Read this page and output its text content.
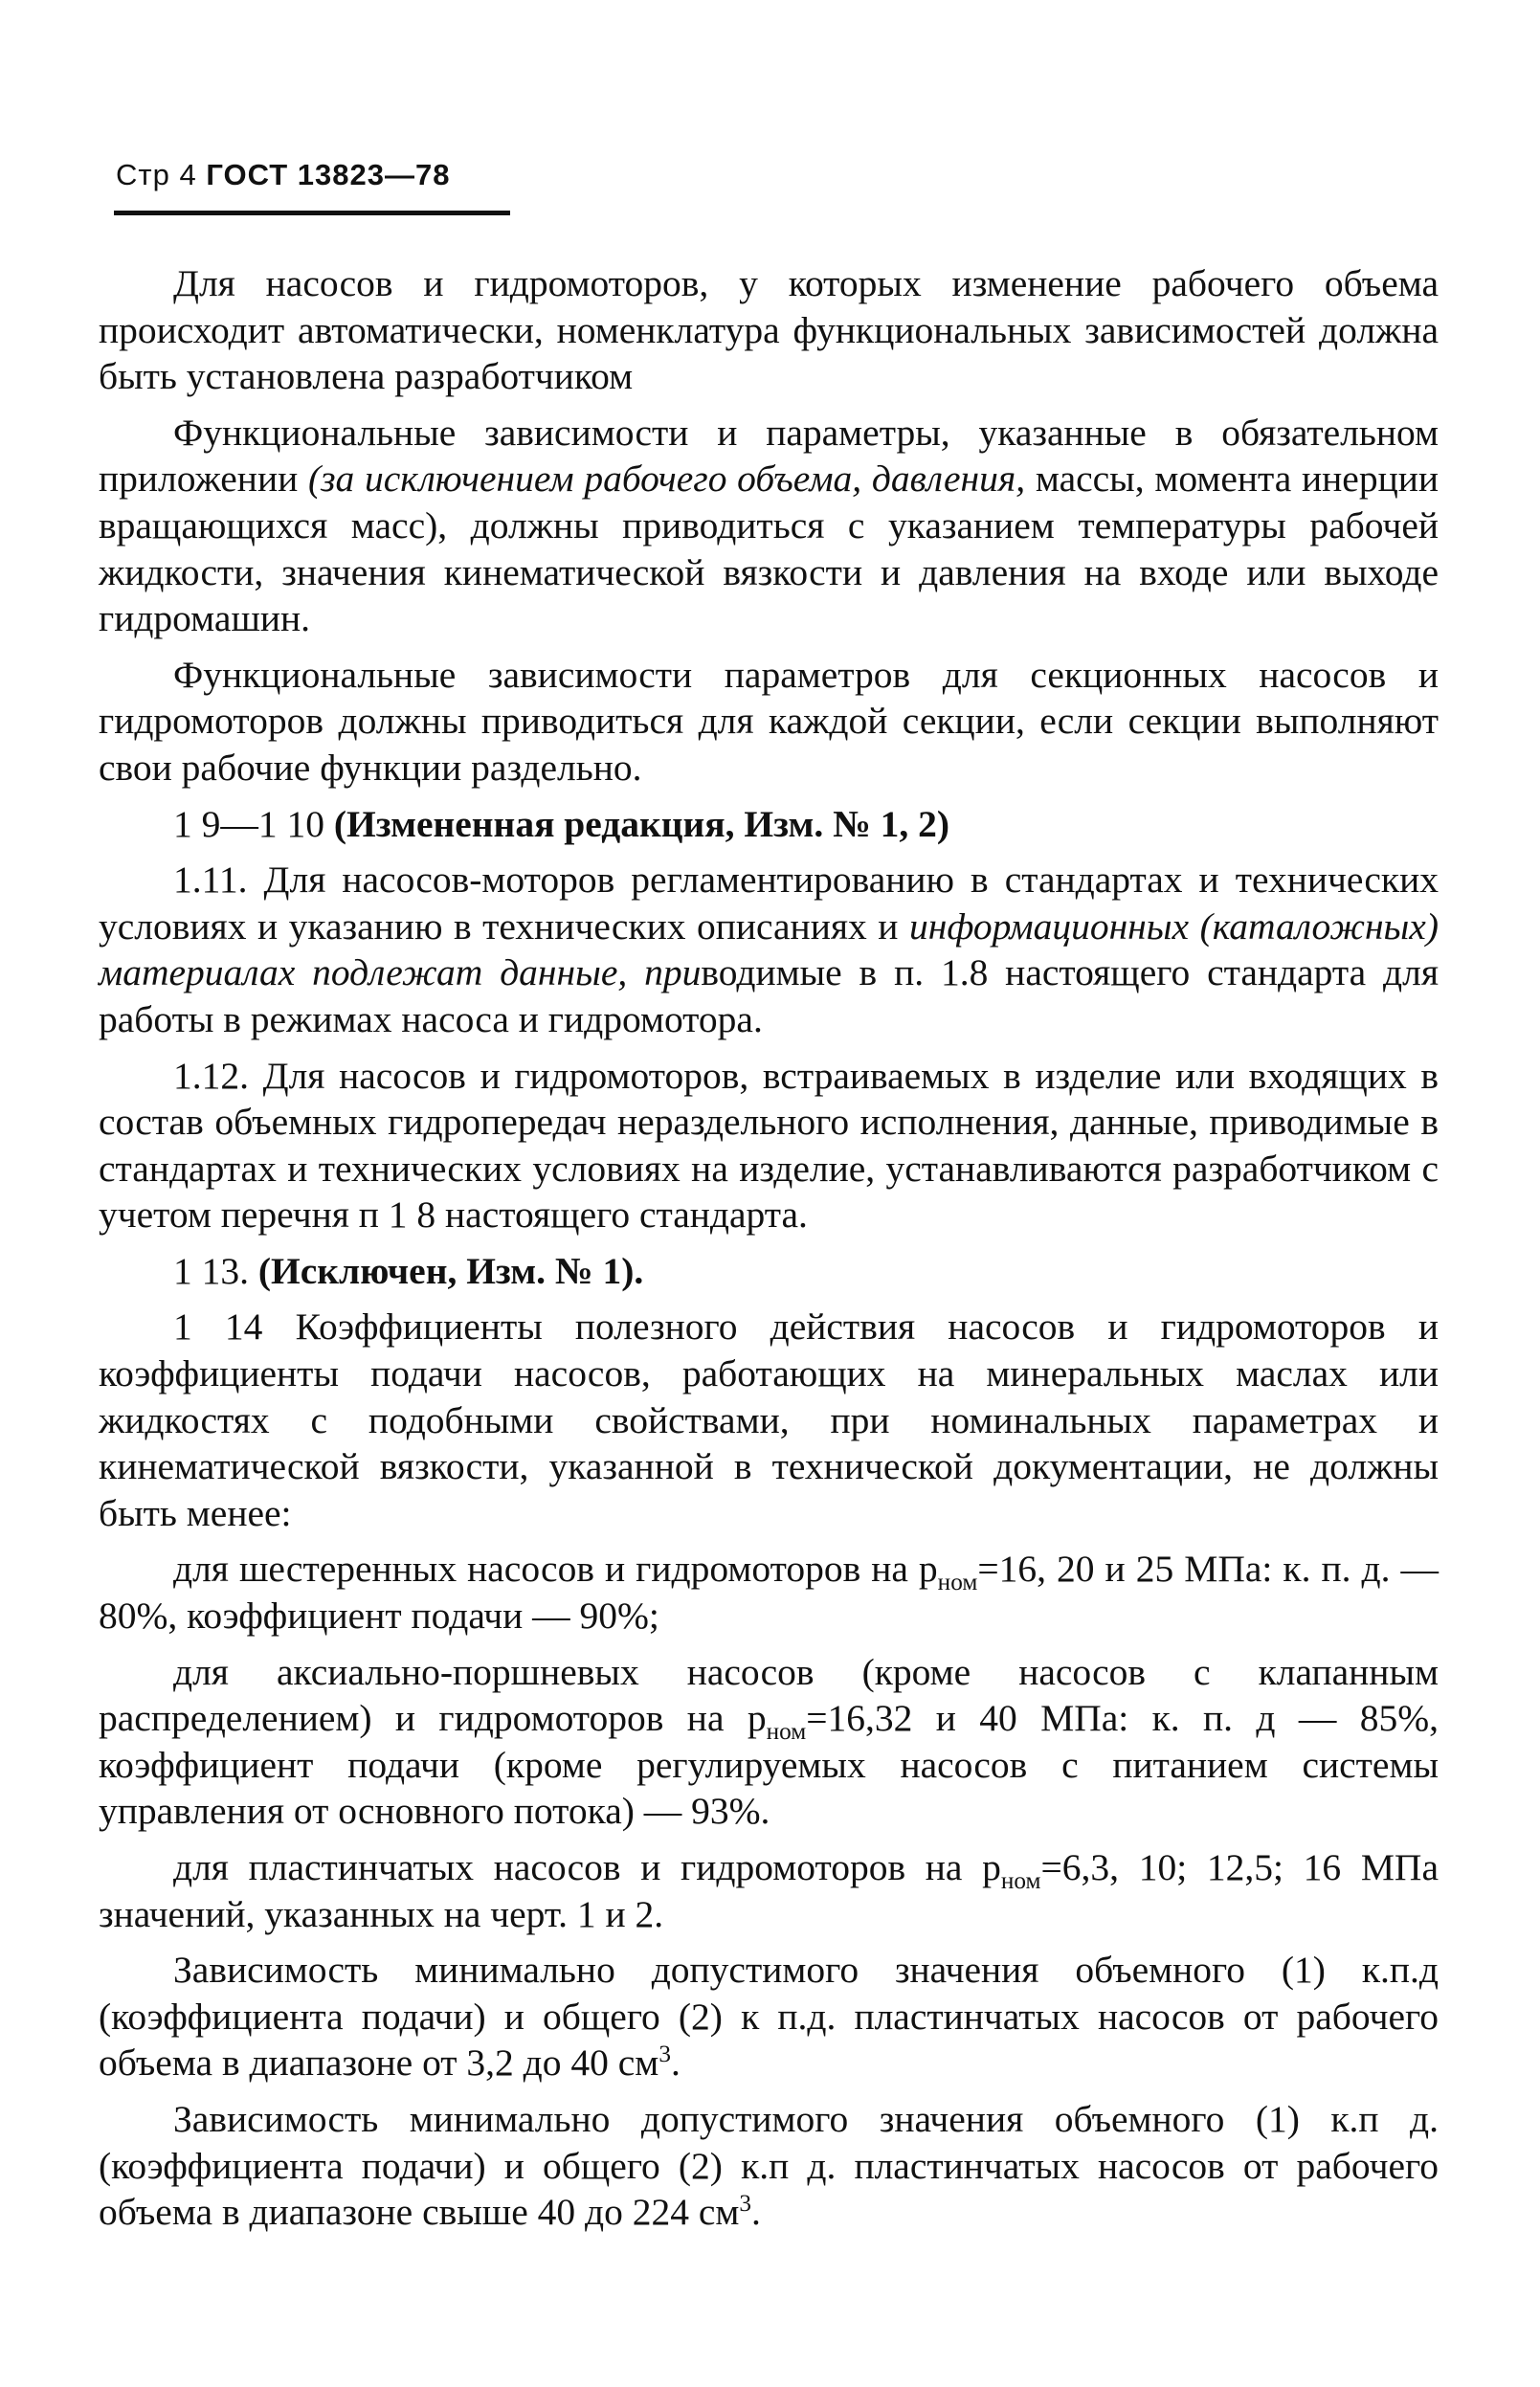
Стр 4 ГОСТ 13823—78

Для насосов и гидромоторов, у которых изменение рабочего объема происходит автоматически, номенклатура функциональных зависимостей должна быть установлена разработчиком

Функциональные зависимости и параметры, указанные в обязательном приложении (за исключением рабочего объема, давления, массы, момента инерции вращающихся масс), должны приводиться с указанием температуры рабочей жидкости, значения кинематической вязкости и давления на входе или выходе гидромашин.

Функциональные зависимости параметров для секционных насосов и гидромоторов должны приводиться для каждой секции, если секции выполняют свои рабочие функции раздельно.

1 9—1 10 (Измененная редакция, Изм. № 1, 2)

1.11. Для насосов-моторов регламентированию в стандартах и технических условиях и указанию в технических описаниях и информационных (каталожных) материалах подлежат данные, приводимые в п. 1.8 настоящего стандарта для работы в режимах насоса и гидромотора.

1.12. Для насосов и гидромоторов, встраиваемых в изделие или входящих в состав объемных гидропередач нераздельного исполнения, данные, приводимые в стандартах и технических условиях на изделие, устанавливаются разработчиком с учетом перечня п 1 8 настоящего стандарта.

1 13. (Исключен, Изм. № 1).

1 14 Коэффициенты полезного действия насосов и гидромоторов и коэффициенты подачи насосов, работающих на минеральных маслах или жидкостях с подобными свойствами, при номинальных параметрах и кинематической вязкости, указанной в технической документации, не должны быть менее:

для шестеренных насосов и гидромоторов на $p_{ном}=16$, 20 и 25 МПа: к. п. д. — 80%, коэффициент подачи — 90%;

для аксиально-поршневых насосов (кроме насосов с клапанным распределением) и гидромоторов на $p_{ном}=16,32$ и 40 МПа: к. п. д — 85%, коэффициент подачи (кроме регулируемых насосов с питанием системы управления от основного потока) — 93%.

для пластинчатых насосов и гидромоторов на $p_{ном}=6,3$, 10; 12,5; 16 МПа значений, указанных на черт. 1 и 2.

Зависимость минимально допустимого значения объемного (1) к.п.д (коэффициента подачи) и общего (2) к п.д. пластинчатых насосов от рабочего объема в диапазоне от 3,2 до 40 $см^3$.

Зависимость минимально допустимого значения объемного (1) к.п д. (коэффициента подачи) и общего (2) к.п д. пластинчатых насосов от рабочего объема в диапазоне свыше 40 до 224 $см^3$.
